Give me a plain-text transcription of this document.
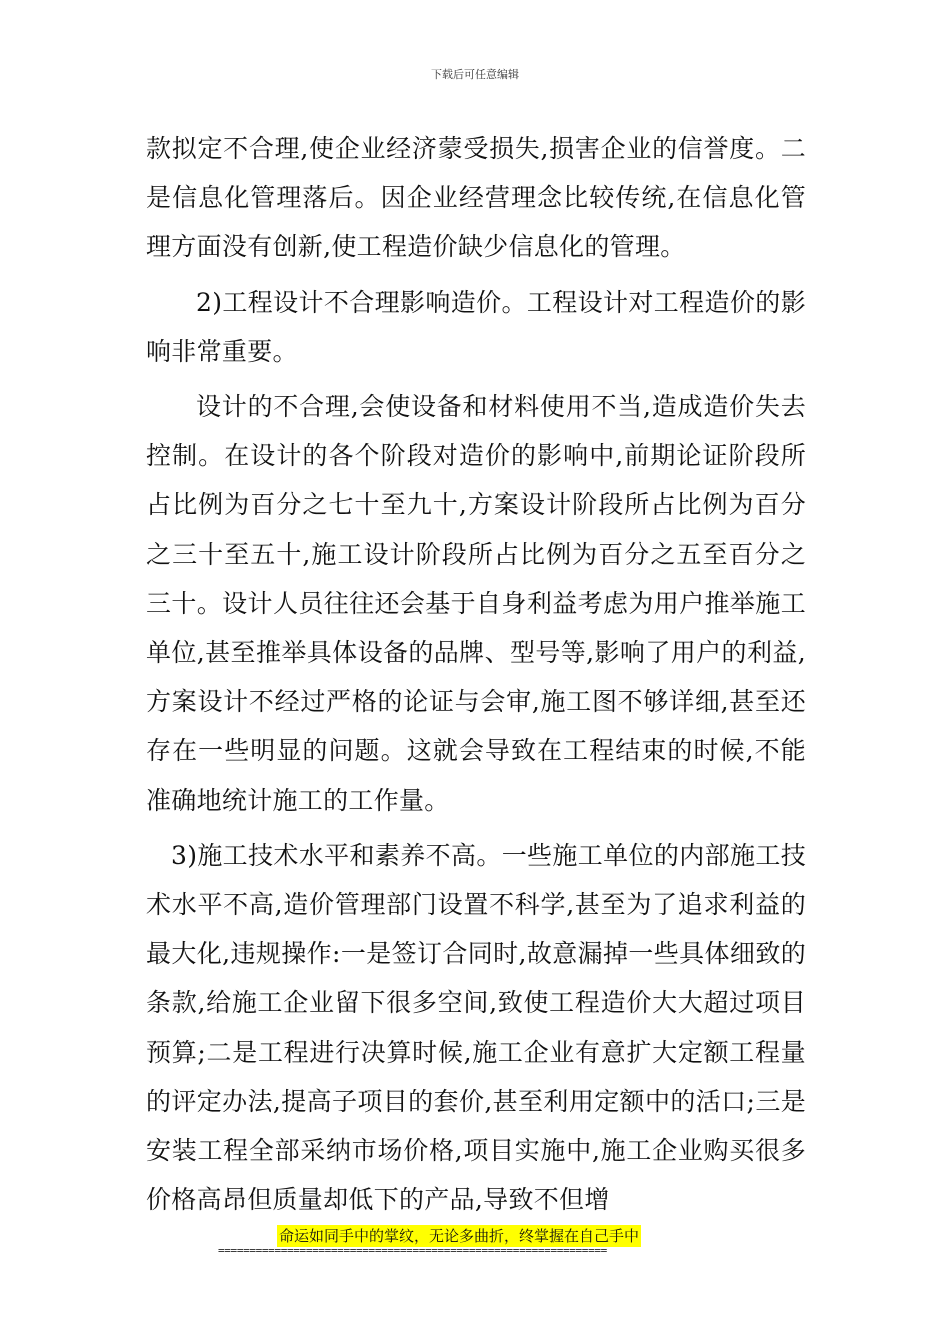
下载后可任意编辑

款拟定不合理,使企业经济蒙受损失,损害企业的信誉度。二是信息化管理落后。因企业经营理念比较传统,在信息化管理方面没有创新,使工程造价缺少信息化的管理。

2)工程设计不合理影响造价。工程设计对工程造价的影响非常重要。

设计的不合理,会使设备和材料使用不当,造成造价失去控制。在设计的各个阶段对造价的影响中,前期论证阶段所占比例为百分之七十至九十,方案设计阶段所占比例为百分之三十至五十,施工设计阶段所占比例为百分之五至百分之三十。设计人员往往还会基于自身利益考虑为用户推举施工单位,甚至推举具体设备的品牌、型号等,影响了用户的利益,方案设计不经过严格的论证与会审,施工图不够详细,甚至还存在一些明显的问题。这就会导致在工程结束的时候,不能准确地统计施工的工作量。

3)施工技术水平和素养不高。一些施工单位的内部施工技术水平不高,造价管理部门设置不科学,甚至为了追求利益的最大化,违规操作:一是签订合同时,故意漏掉一些具体细致的条款,给施工企业留下很多空间,致使工程造价大大超过项目预算;二是工程进行决算时候,施工企业有意扩大定额工程量的评定办法,提高子项目的套价,甚至利用定额中的活口;三是安装工程全部采纳市场价格,项目实施中,施工企业购买很多价格高昂但质量却低下的产品,导致不但增

命运如同手中的掌纹，无论多曲折，终掌握在自己手中
==============================================================
